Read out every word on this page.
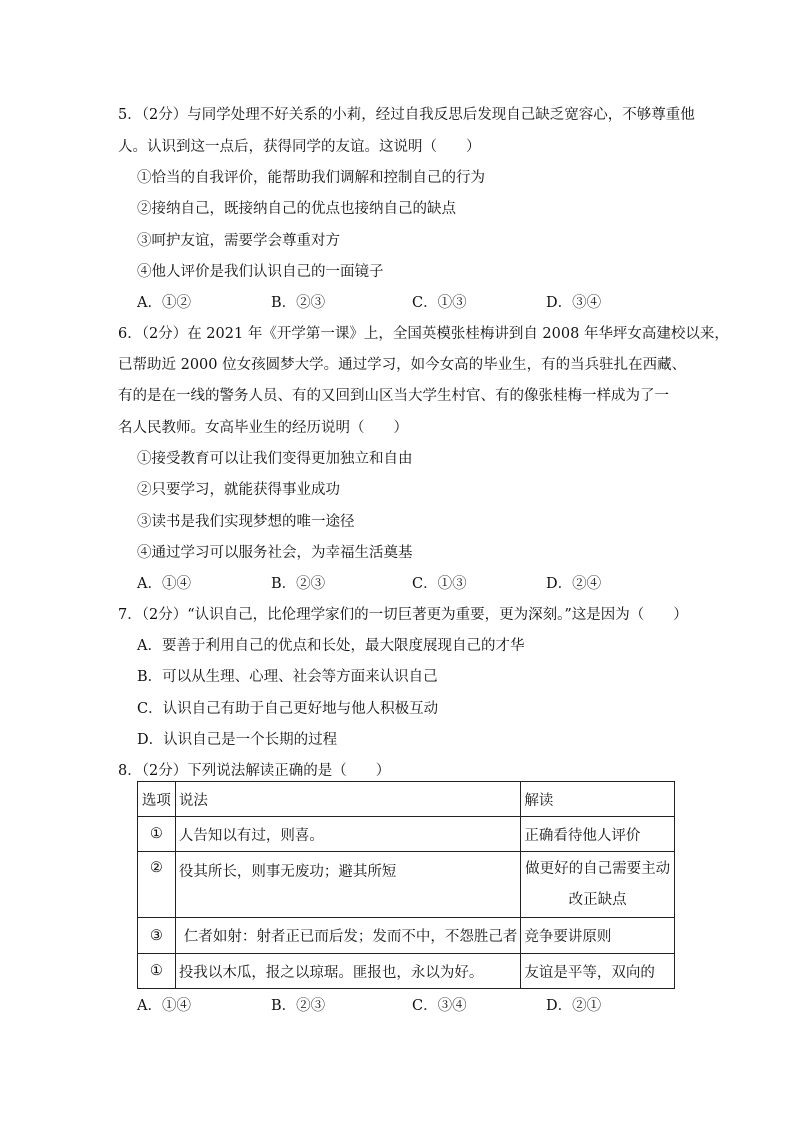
5．（2分）与同学处理不好关系的小莉，经过自我反思后发现自己缺乏宽容心，不够尊重他
人。认识到这一点后，获得同学的友谊。这说明（　　）
①恰当的自我评价，能帮助我们调解和控制自己的行为
②接纳自己，既接纳自己的优点也接纳自己的缺点
③呵护友谊，需要学会尊重对方
④他人评价是我们认识自己的一面镜子
A．①②	B．②③	C．①③	D．③④
6．（2分）在 2021 年《开学第一课》上，全国英模张桂梅讲到自 2008 年华坪女高建校以来，
已帮助近 2000 位女孩圆梦大学。通过学习，如今女高的毕业生，有的当兵驻扎在西藏、
有的是在一线的警务人员、有的又回到山区当大学生村官、有的像张桂梅一样成为了一
名人民教师。女高毕业生的经历说明（　　）
①接受教育可以让我们变得更加独立和自由
②只要学习，就能获得事业成功
③读书是我们实现梦想的唯一途径
④通过学习可以服务社会，为幸福生活奠基
A．①④	B．②③	C．①③	D．②④
7．（2分）“认识自己，比伦理学家们的一切巨著更为重要，更为深刻。”这是因为（　　）
A．要善于利用自己的优点和长处，最大限度展现自己的才华
B．可以从生理、心理、社会等方面来认识自己
C．认识自己有助于自己更好地与他人积极互动
D．认识自己是一个长期的过程
8．（2分）下列说法解读正确的是（　　）
选项	说法	解读
①	人告知以有过，则喜。	正确看待他人评价
②	役其所长，则事无废功；避其所短	做更好的自己需要主动改正缺点
③	仁者如射：射者正已而后发；发而不中，不怨胜己者	竞争要讲原则
①	投我以木瓜，报之以琼琚。匪报也，永以为好。	友谊是平等，双向的
A．①④	B．②③	C．③④	D．②①
